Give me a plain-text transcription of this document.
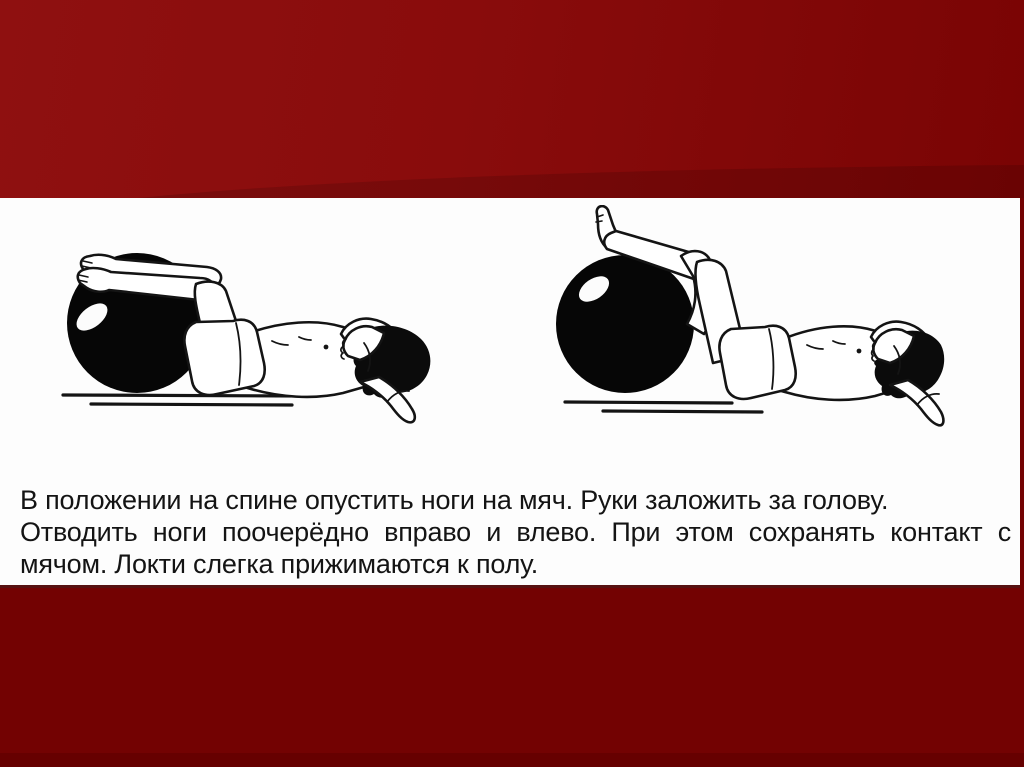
В положении на спине опустить ноги на мяч. Руки заложить за голову.
Отводить ноги поочерёдно вправо и влево. При этом сохранять контакт с
мячом. Локти слегка прижимаются к полу.
